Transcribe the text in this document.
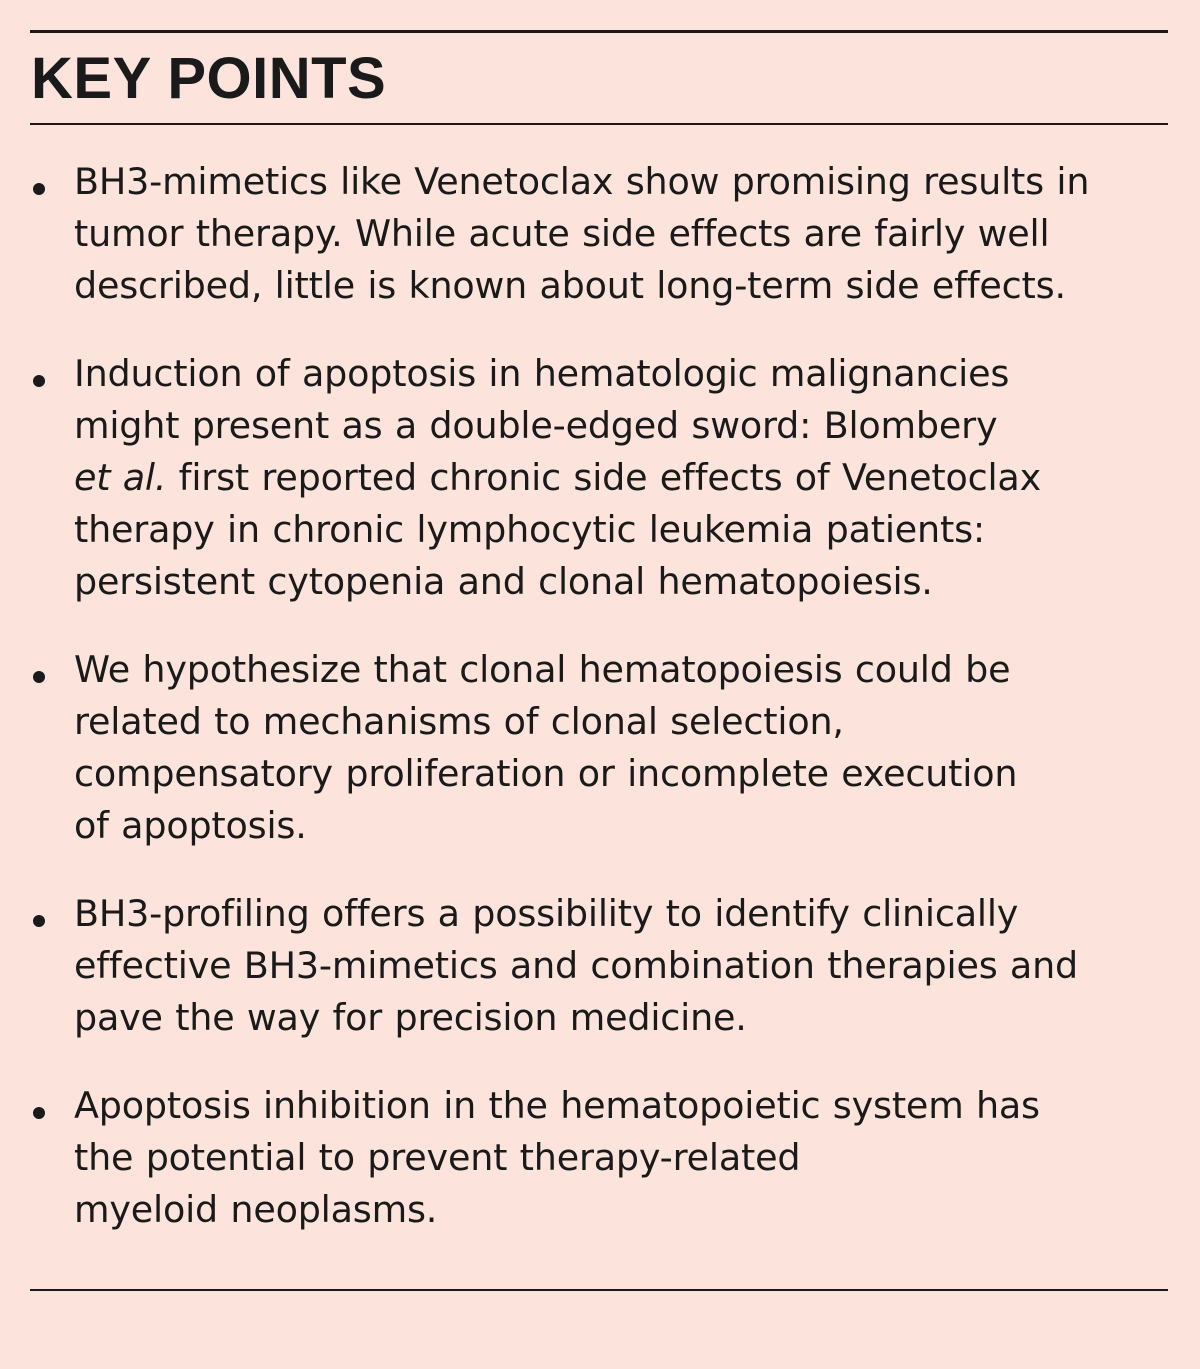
KEY POINTS
BH3-mimetics like Venetoclax show promising results in
tumor therapy. While acute side effects are fairly well
described, little is known about long-term side effects.
Induction of apoptosis in hematologic malignancies
might present as a double-edged sword: Blombery
et al. first reported chronic side effects of Venetoclax
therapy in chronic lymphocytic leukemia patients:
persistent cytopenia and clonal hematopoiesis.
We hypothesize that clonal hematopoiesis could be
related to mechanisms of clonal selection,
compensatory proliferation or incomplete execution
of apoptosis.
BH3-profiling offers a possibility to identify clinically
effective BH3-mimetics and combination therapies and
pave the way for precision medicine.
Apoptosis inhibition in the hematopoietic system has
the potential to prevent therapy-related
myeloid neoplasms.
